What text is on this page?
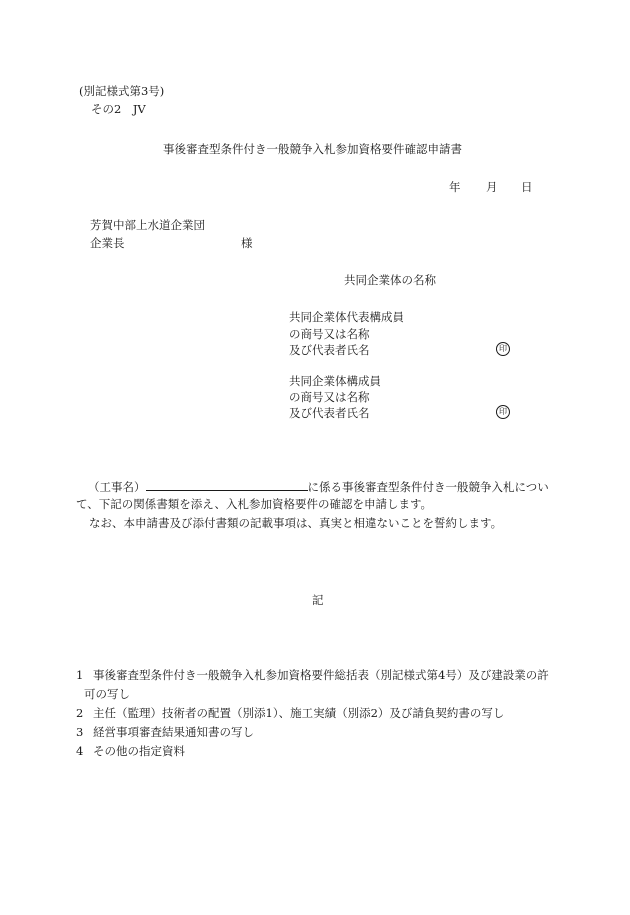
(別記様式第3号)
その2　JV
事後審査型条件付き一般競争入札参加資格要件確認申請書
年 月 日
芳賀中部上水道企業団
企業長	様
共同企業体の名称
共同企業体代表構成員
の商号又は名称
及び代表者氏名	印
共同企業体構成員
の商号又は名称
及び代表者氏名	印
（工事名）	に係る事後審査型条件付き一般競争入札につい
て、下記の関係書類を添え、入札参加資格要件の確認を申請します。
なお、本申請書及び添付書類の記載事項は、真実と相違ないことを誓約します。
記
1 事後審査型条件付き一般競争入札参加資格要件総括表（別記様式第4号）及び建設業の許
可の写し
2 主任（監理）技術者の配置（別添1）、施工実績（別添2）及び請負契約書の写し
3 経営事項審査結果通知書の写し
4 その他の指定資料
